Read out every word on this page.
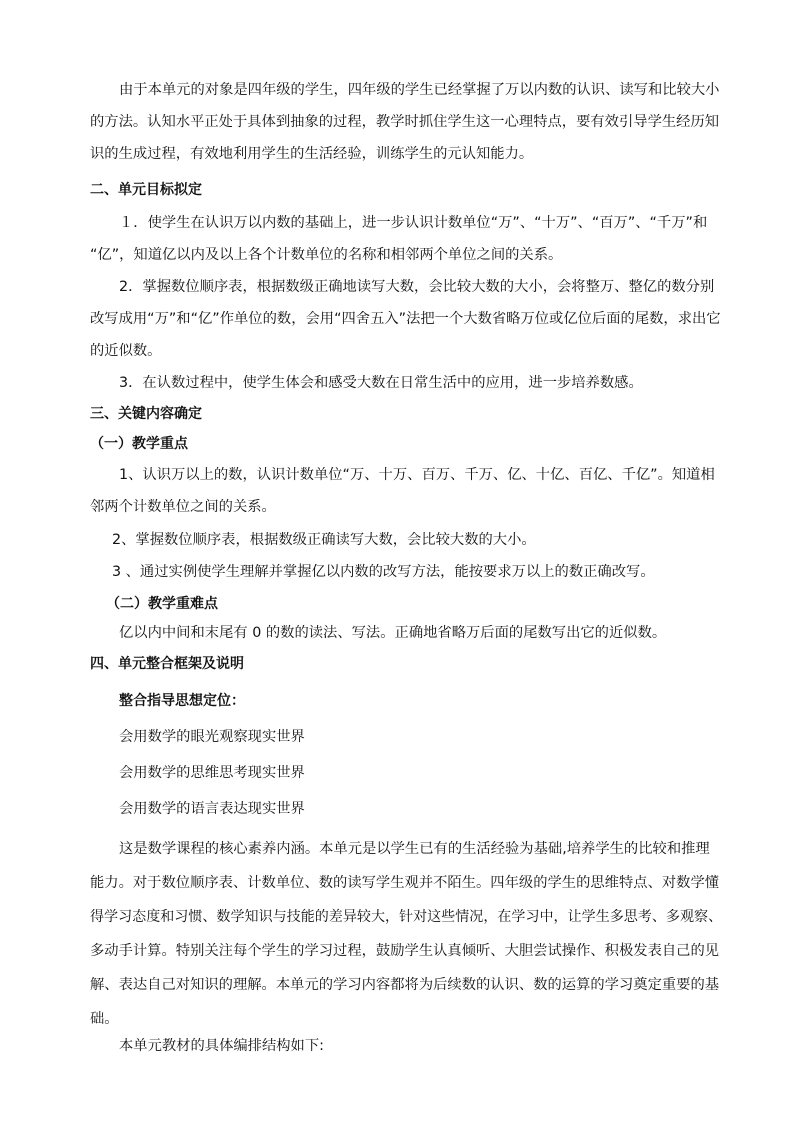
由于本单元的对象是四年级的学生，四年级的学生已经掌握了万以内数的认识、读写和比较大小

的方法。认知水平正处于具体到抽象的过程，教学时抓住学生这一心理特点，要有效引导学生经历知

识的生成过程，有效地利用学生的生活经验，训练学生的元认知能力。

二、单元目标拟定

１．使学生在认识万以内数的基础上，进一步认识计数单位“万”、“十万”、“百万”、“千万”和

“亿”，知道亿以内及以上各个计数单位的名称和相邻两个单位之间的关系。

2．掌握数位顺序表，根据数级正确地读写大数，会比较大数的大小，会将整万、整亿的数分别

改写成用“万”和“亿”作单位的数，会用“四舍五入”法把一个大数省略万位或亿位后面的尾数，求出它

的近似数。

3．在认数过程中，使学生体会和感受大数在日常生活中的应用，进一步培养数感。

三、关键内容确定

（一）教学重点

1、认识万以上的数，认识计数单位“万、十万、百万、千万、亿、十亿、百亿、千亿”。知道相

邻两个计数单位之间的关系。

2、掌握数位顺序表，根据数级正确读写大数，会比较大数的大小。

3 、通过实例使学生理解并掌握亿以内数的改写方法，能按要求万以上的数正确改写。

（二）教学重难点

亿以内中间和末尾有 0 的数的读法、写法。正确地省略万后面的尾数写出它的近似数。

四、单元整合框架及说明

整合指导思想定位：

会用数学的眼光观察现实世界

会用数学的思维思考现实世界

会用数学的语言表达现实世界

这是数学课程的核心素养内涵。本单元是以学生已有的生活经验为基础,培养学生的比较和推理

能力。对于数位顺序表、计数单位、数的读写学生观并不陌生。四年级的学生的思维特点、对数学懂

得学习态度和习惯、数学知识与技能的差异较大，针对这些情况，在学习中，让学生多思考、多观察、

多动手计算。特别关注每个学生的学习过程，鼓励学生认真倾听、大胆尝试操作、积极发表自己的见

解、表达自己对知识的理解。本单元的学习内容都将为后续数的认识、数的运算的学习奠定重要的基

础。

本单元教材的具体编排结构如下:
